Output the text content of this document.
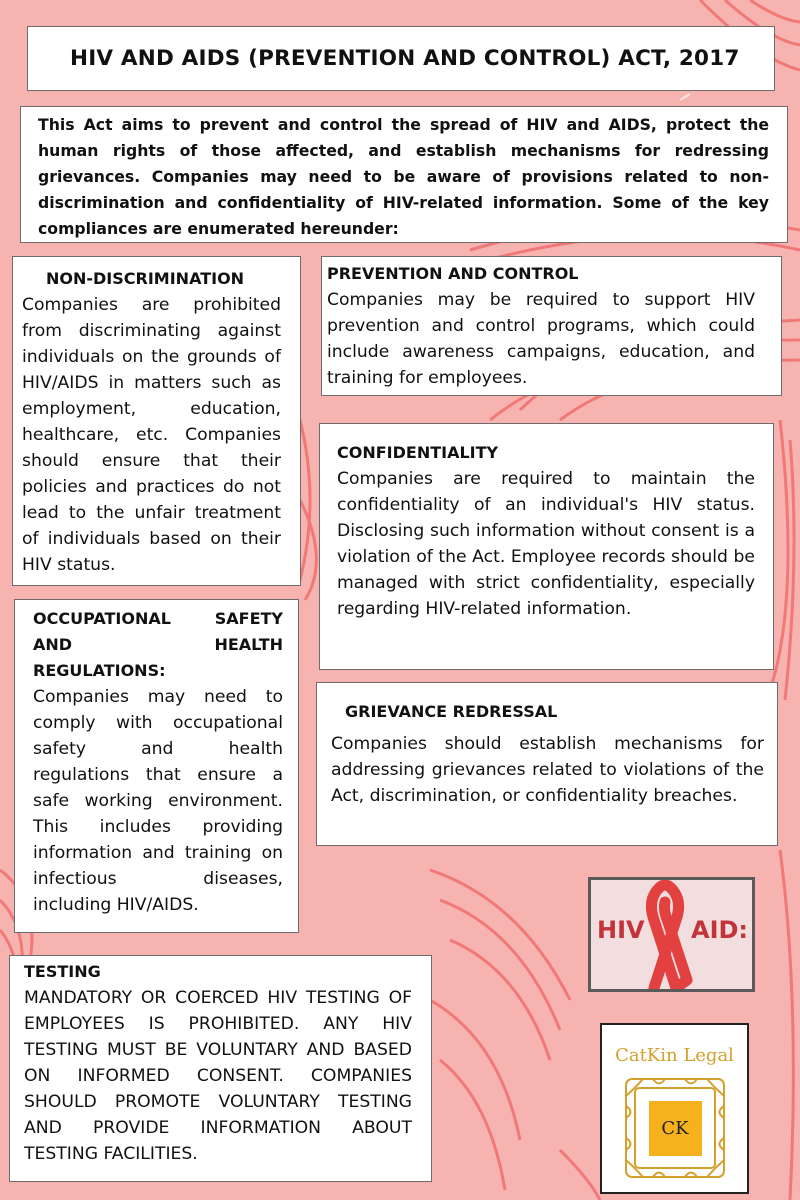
HIV AND AIDS (PREVENTION AND CONTROL) ACT, 2017

This Act aims to prevent and control the spread of HIV and AIDS, protect the human rights of those affected, and establish mechanisms for redressing grievances. Companies may need to be aware of provisions related to non-discrimination and confidentiality of HIV-related information. Some of the key compliances are enumerated hereunder:

NON-DISCRIMINATION

Companies are prohibited from discriminating against individuals on the grounds of HIV/AIDS in matters such as employment, education, healthcare, etc. Companies should ensure that their policies and practices do not lead to the unfair treatment of individuals based on their HIV status.

PREVENTION AND CONTROL

Companies may be required to support HIV prevention and control programs, which could include awareness campaigns, education, and training for employees.

CONFIDENTIALITY

Companies are required to maintain the confidentiality of an individual's HIV status. Disclosing such information without consent is a violation of the Act. Employee records should be managed with strict confidentiality, especially regarding HIV-related information.

OCCUPATIONAL SAFETY AND HEALTH
REGULATIONS:

Companies may need to comply with occupational safety and health regulations that ensure a safe working environment. This includes providing information and training on infectious diseases, including HIV/AIDS.

GRIEVANCE REDRESSAL

Companies should establish mechanisms for addressing grievances related to violations of the Act, discrimination, or confidentiality breaches.

TESTING

MANDATORY OR COERCED HIV TESTING OF EMPLOYEES IS PROHIBITED. ANY HIV TESTING MUST BE VOLUNTARY AND BASED ON INFORMED CONSENT. COMPANIES SHOULD PROMOTE VOLUNTARY TESTING AND PROVIDE INFORMATION ABOUT TESTING FACILITIES.

HIV AID:
CatKin Legal
CK
